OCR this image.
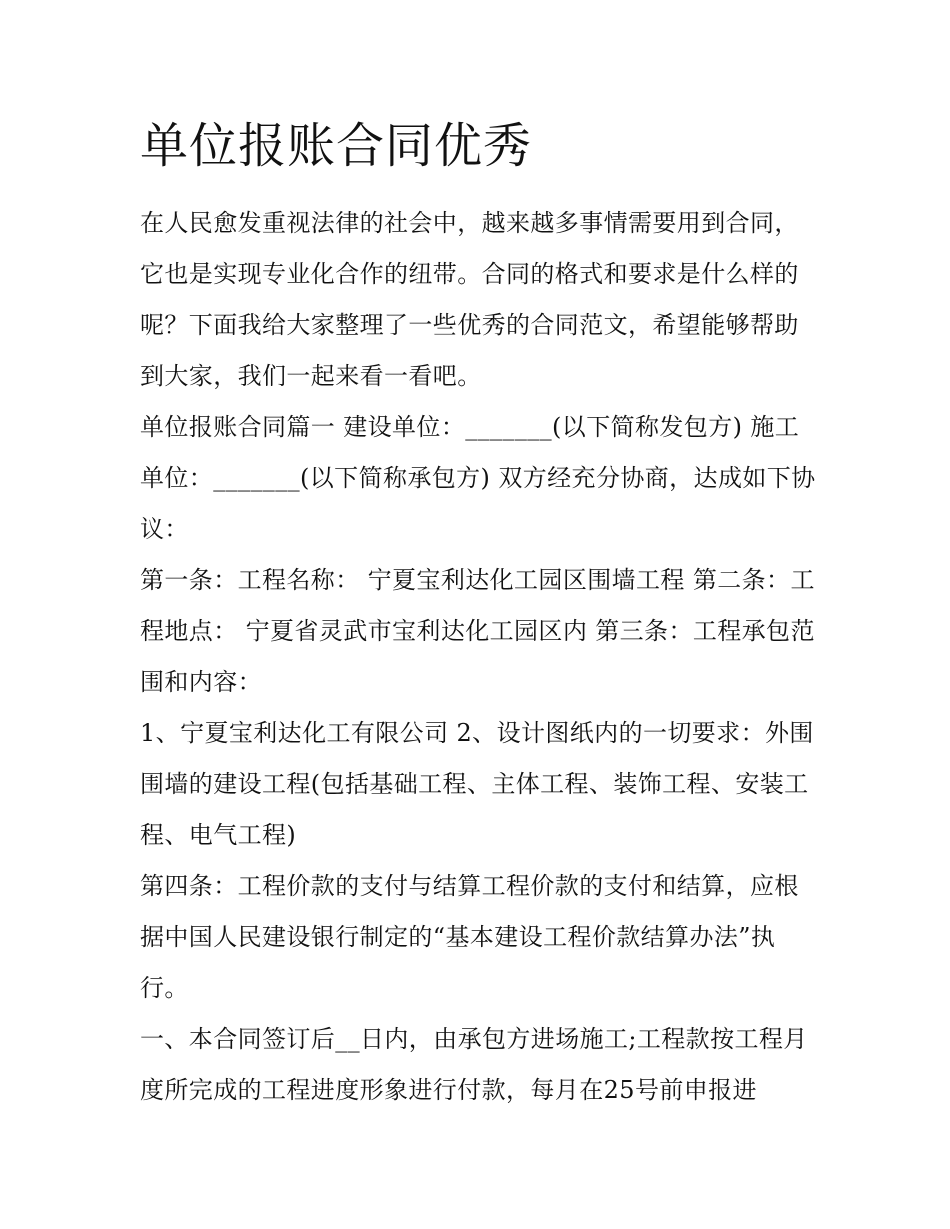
单位报账合同优秀

在人民愈发重视法律的社会中，越来越多事情需要用到合同，它也是实现专业化合作的纽带。合同的格式和要求是什么样的呢？下面我给大家整理了一些优秀的合同范文，希望能够帮助到大家，我们一起来看一看吧。

单位报账合同篇一 建设单位：_______(以下简称发包方) 施工单位：_______(以下简称承包方) 双方经充分协商，达成如下协议：

第一条：工程名称： 宁夏宝利达化工园区围墙工程 第二条：工程地点： 宁夏省灵武市宝利达化工园区内 第三条：工程承包范围和内容：

1、宁夏宝利达化工有限公司 2、设计图纸内的一切要求：外围围墙的建设工程(包括基础工程、主体工程、装饰工程、安装工程、电气工程)

第四条：工程价款的支付与结算工程价款的支付和结算，应根据中国人民建设银行制定的“基本建设工程价款结算办法”执行。

一、本合同签订后__日内，由承包方进场施工;工程款按工程月度所完成的工程进度形象进行付款，每月在25号前申报进
